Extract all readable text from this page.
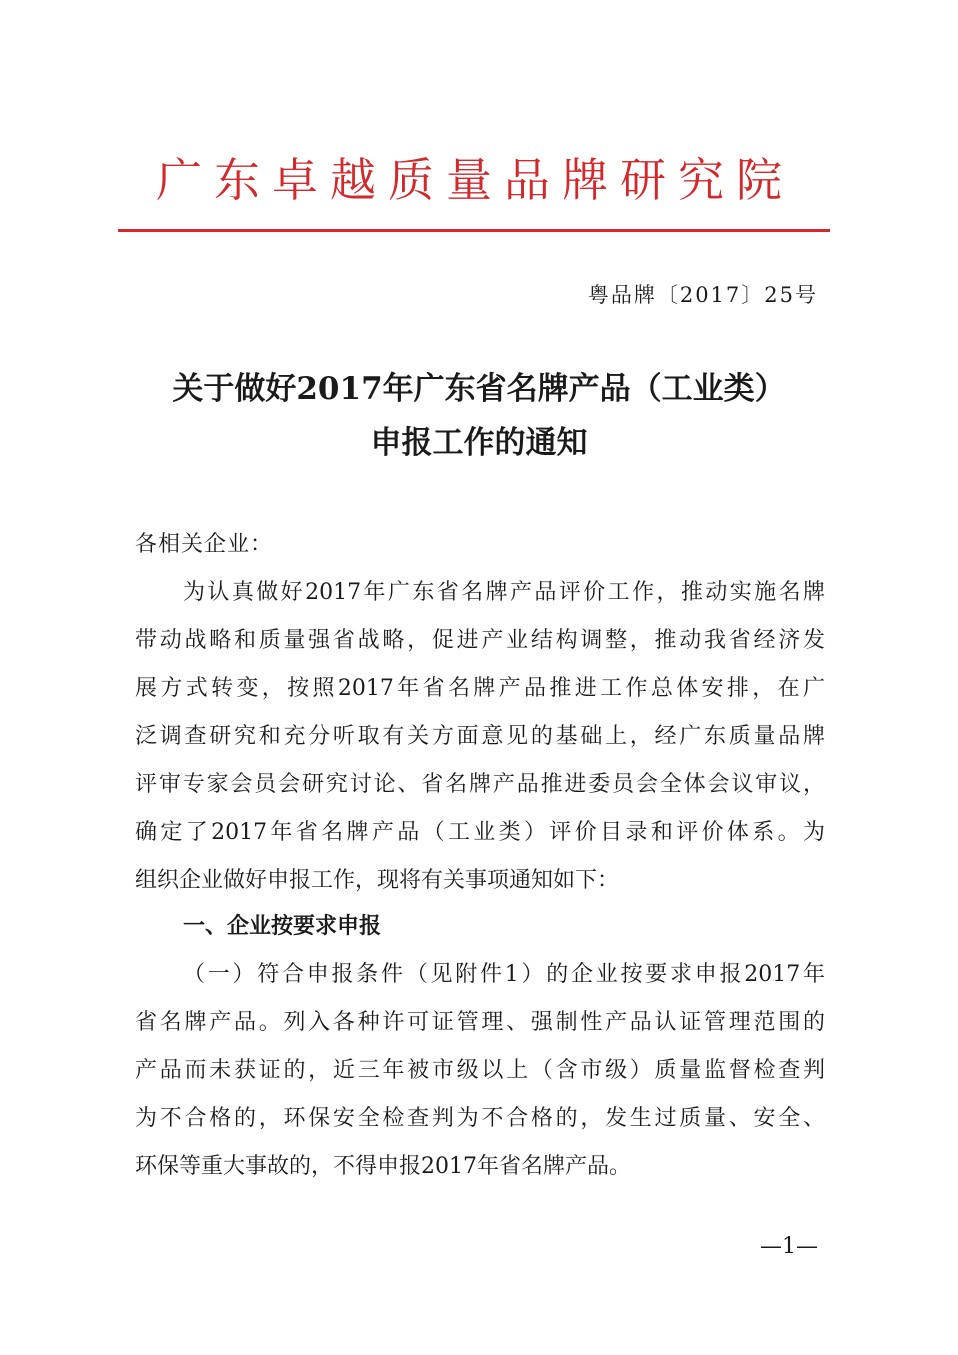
广东卓越质量品牌研究院
粤品牌〔2017〕25号
关于做好2017年广东省名牌产品（工业类）
申报工作的通知
各相关企业：
为认真做好2017年广东省名牌产品评价工作，推动实施名牌
带动战略和质量强省战略，促进产业结构调整，推动我省经济发
展方式转变，按照2017年省名牌产品推进工作总体安排，在广
泛调查研究和充分听取有关方面意见的基础上，经广东质量品牌
评审专家会员会研究讨论、省名牌产品推进委员会全体会议审议，
确定了2017年省名牌产品（工业类）评价目录和评价体系。为
组织企业做好申报工作，现将有关事项通知如下：
一、企业按要求申报
（一）符合申报条件（见附件1）的企业按要求申报2017年
省名牌产品。列入各种许可证管理、强制性产品认证管理范围的
产品而未获证的，近三年被市级以上（含市级）质量监督检查判
为不合格的，环保安全检查判为不合格的，发生过质量、安全、
环保等重大事故的，不得申报2017年省名牌产品。
—1—
